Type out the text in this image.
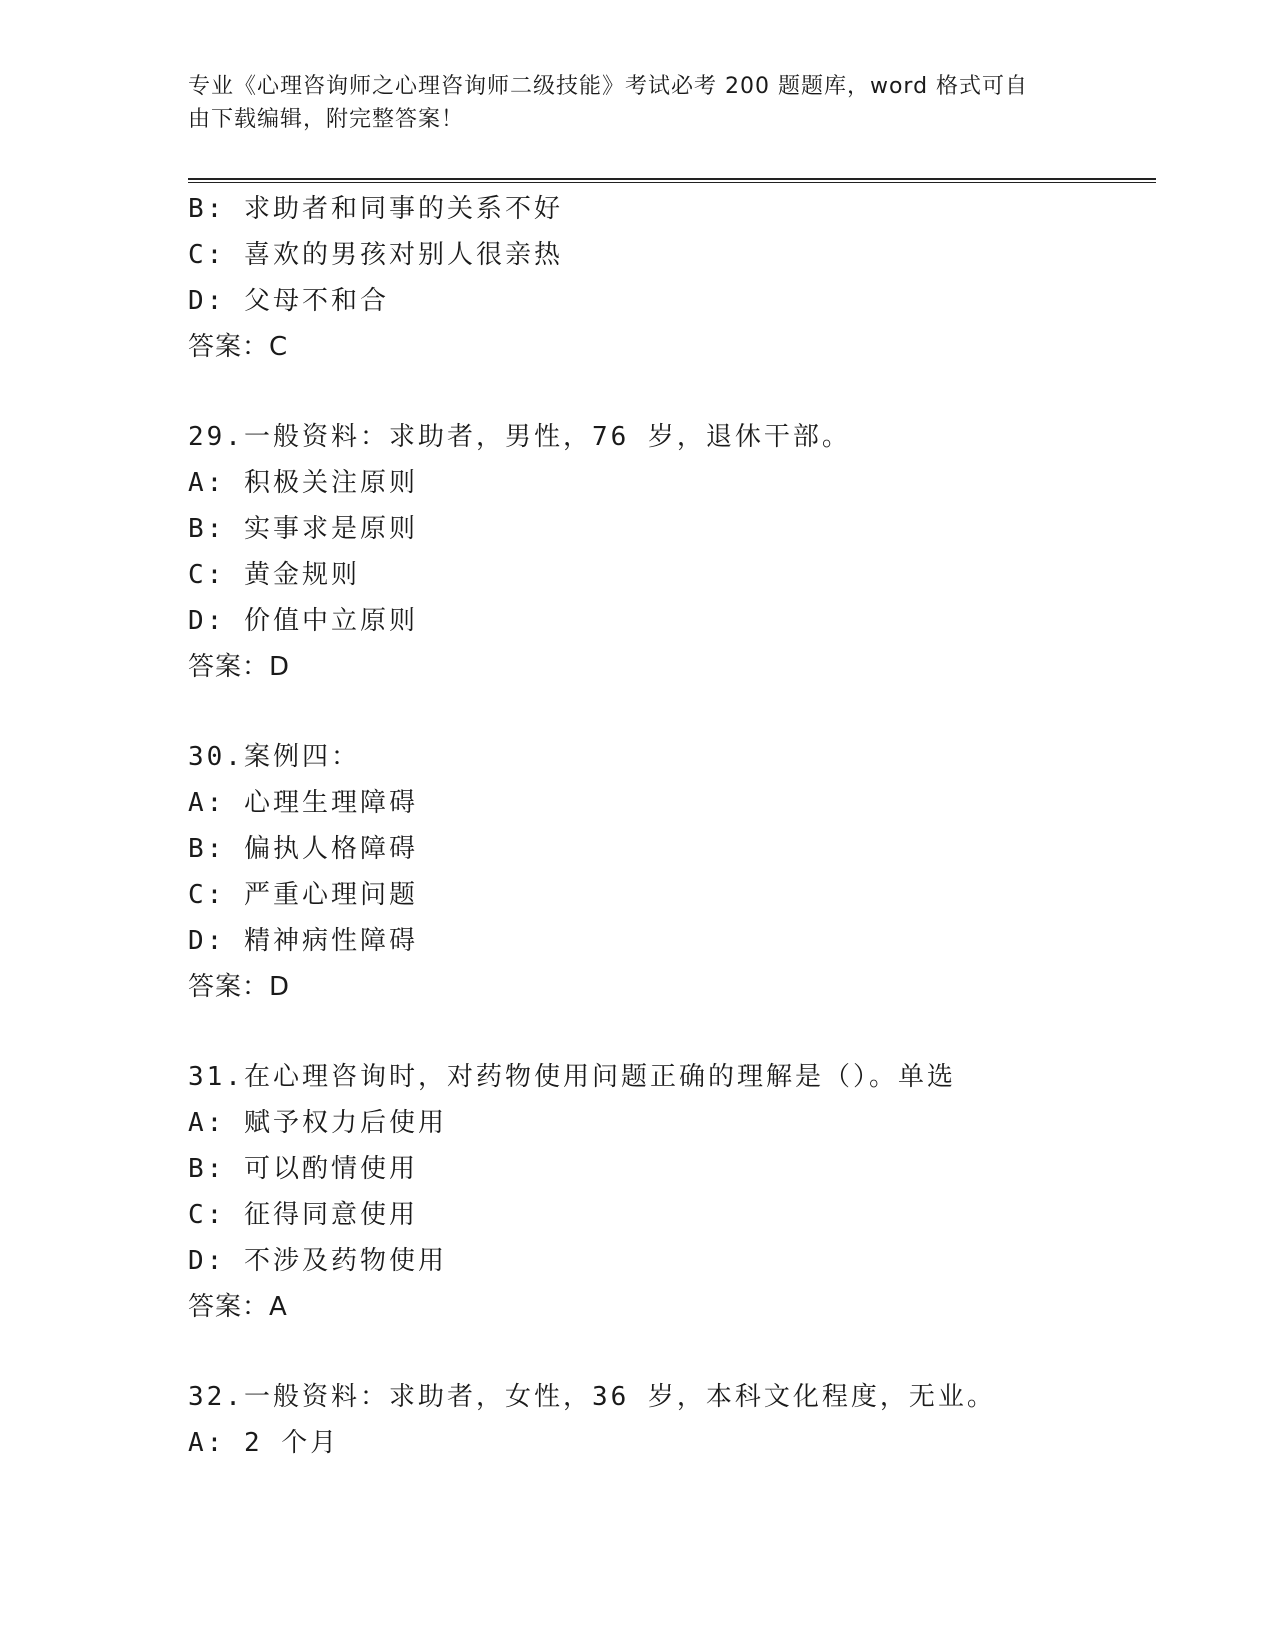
专业《心理咨询师之心理咨询师二级技能》考试必考 200 题题库，word 格式可自
由下载编辑，附完整答案！
B: 求助者和同事的关系不好
C: 喜欢的男孩对别人很亲热
D: 父母不和合
答案：C
29.一般资料：求助者，男性，76 岁，退休干部。
A: 积极关注原则
B: 实事求是原则
C: 黄金规则
D: 价值中立原则
答案：D
30.案例四：
A: 心理生理障碍
B: 偏执人格障碍
C: 严重心理问题
D: 精神病性障碍
答案：D
31.在心理咨询时，对药物使用问题正确的理解是（）。单选
A: 赋予权力后使用
B: 可以酌情使用
C: 征得同意使用
D: 不涉及药物使用
答案：A
32.一般资料：求助者，女性，36 岁，本科文化程度，无业。
A: 2 个月
